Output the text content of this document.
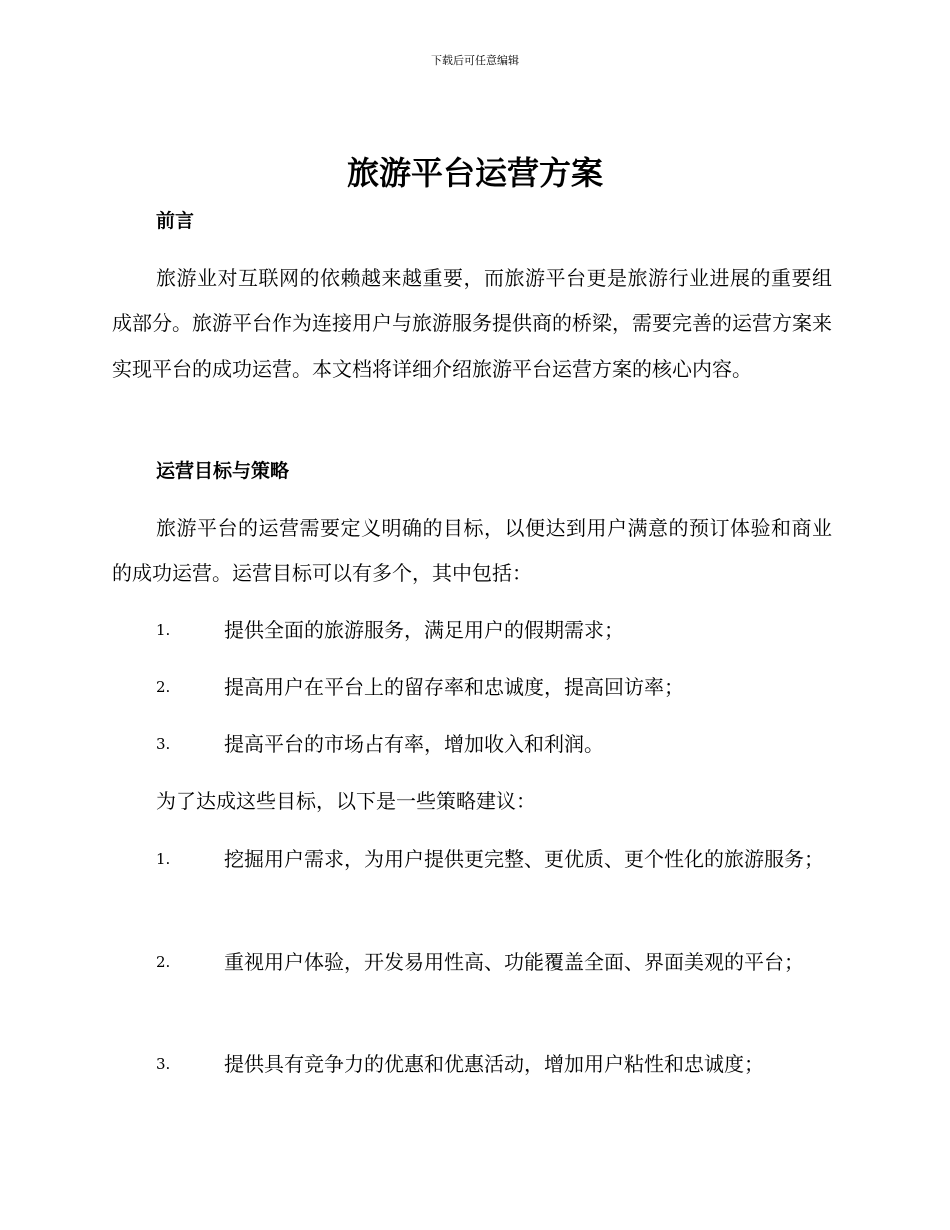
下载后可任意编辑
旅游平台运营方案
前言
旅游业对互联网的依赖越来越重要，而旅游平台更是旅游行业进展的重要组成部分。旅游平台作为连接用户与旅游服务提供商的桥梁，需要完善的运营方案来实现平台的成功运营。本文档将详细介绍旅游平台运营方案的核心内容。
运营目标与策略
旅游平台的运营需要定义明确的目标，以便达到用户满意的预订体验和商业的成功运营。运营目标可以有多个，其中包括：
1.	提供全面的旅游服务，满足用户的假期需求；
2.	提高用户在平台上的留存率和忠诚度，提高回访率；
3.	提高平台的市场占有率，增加收入和利润。
为了达成这些目标，以下是一些策略建议：
1.	挖掘用户需求，为用户提供更完整、更优质、更个性化的旅游服务；
2.	重视用户体验，开发易用性高、功能覆盖全面、界面美观的平台；
3.	提供具有竞争力的优惠和优惠活动，增加用户粘性和忠诚度；
